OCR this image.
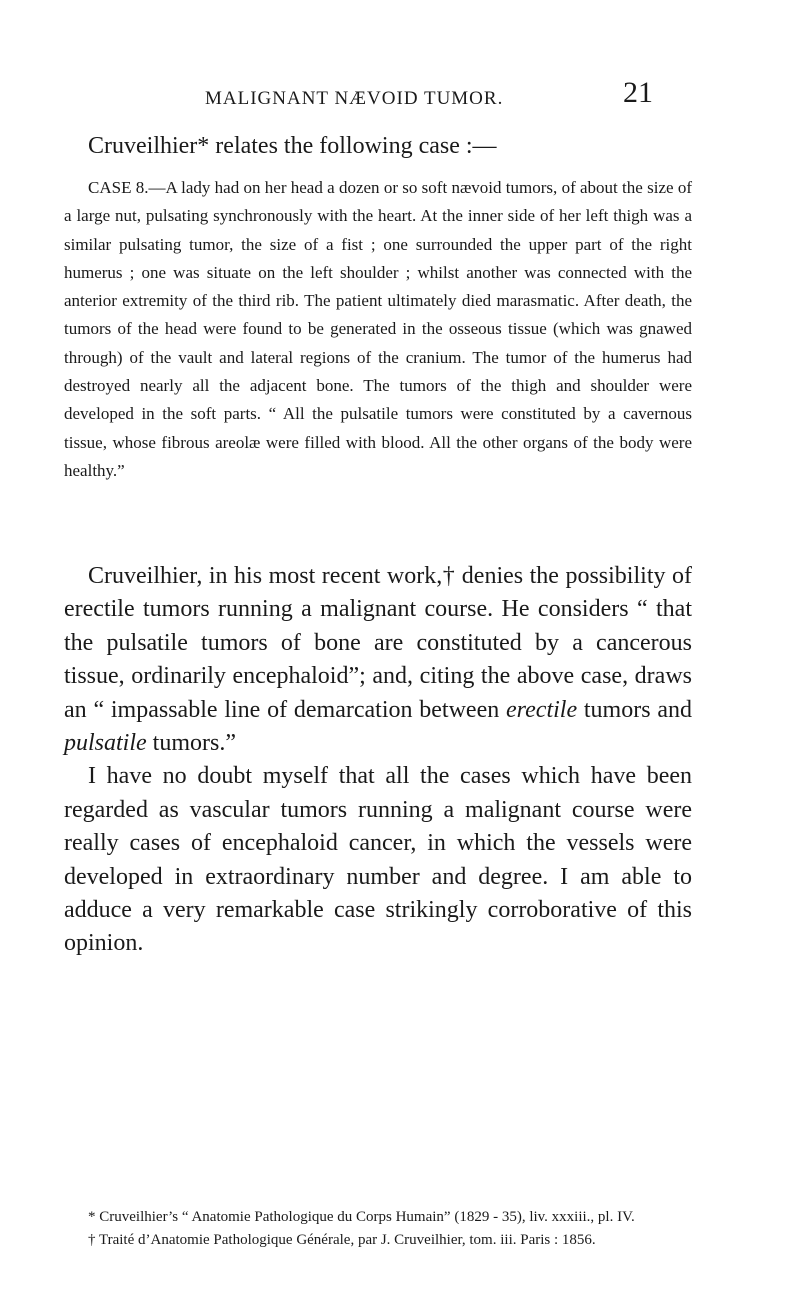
MALIGNANT NÆVOID TUMOR.	21
Cruveilhier* relates the following case :—
CASE 8.—A lady had on her head a dozen or so soft nævoid tumors, of about the size of a large nut, pulsating synchronously with the heart. At the inner side of her left thigh was a similar pulsating tumor, the size of a fist ; one surrounded the upper part of the right humerus ; one was situate on the left shoulder ; whilst another was connected with the anterior extremity of the third rib. The patient ultimately died marasmatic. After death, the tumors of the head were found to be generated in the osseous tissue (which was gnawed through) of the vault and lateral regions of the cranium. The tumor of the humerus had destroyed nearly all the adjacent bone. The tumors of the thigh and shoulder were developed in the soft parts. “ All the pulsatile tumors were constituted by a cavernous tissue, whose fibrous areolæ were filled with blood. All the other organs of the body were healthy.”

Cruveilhier, in his most recent work,† denies the possibility of erectile tumors running a malignant course. He considers “ that the pulsatile tumors of bone are constituted by a cancerous tissue, ordinarily encephaloid”; and, citing the above case, draws an “ impassable line of demarcation between erectile tumors and pulsatile tumors.”

I have no doubt myself that all the cases which have been regarded as vascular tumors running a malignant course were really cases of encephaloid cancer, in which the vessels were developed in extraordinary number and degree. I am able to adduce a very remarkable case strikingly corroborative of this opinion.

* Cruveilhier’s “ Anatomie Pathologique du Corps Humain” (1829 - 35), liv. xxxiii., pl. IV.

† Traité d’Anatomie Pathologique Générale, par J. Cruveilhier, tom. iii. Paris : 1856.
